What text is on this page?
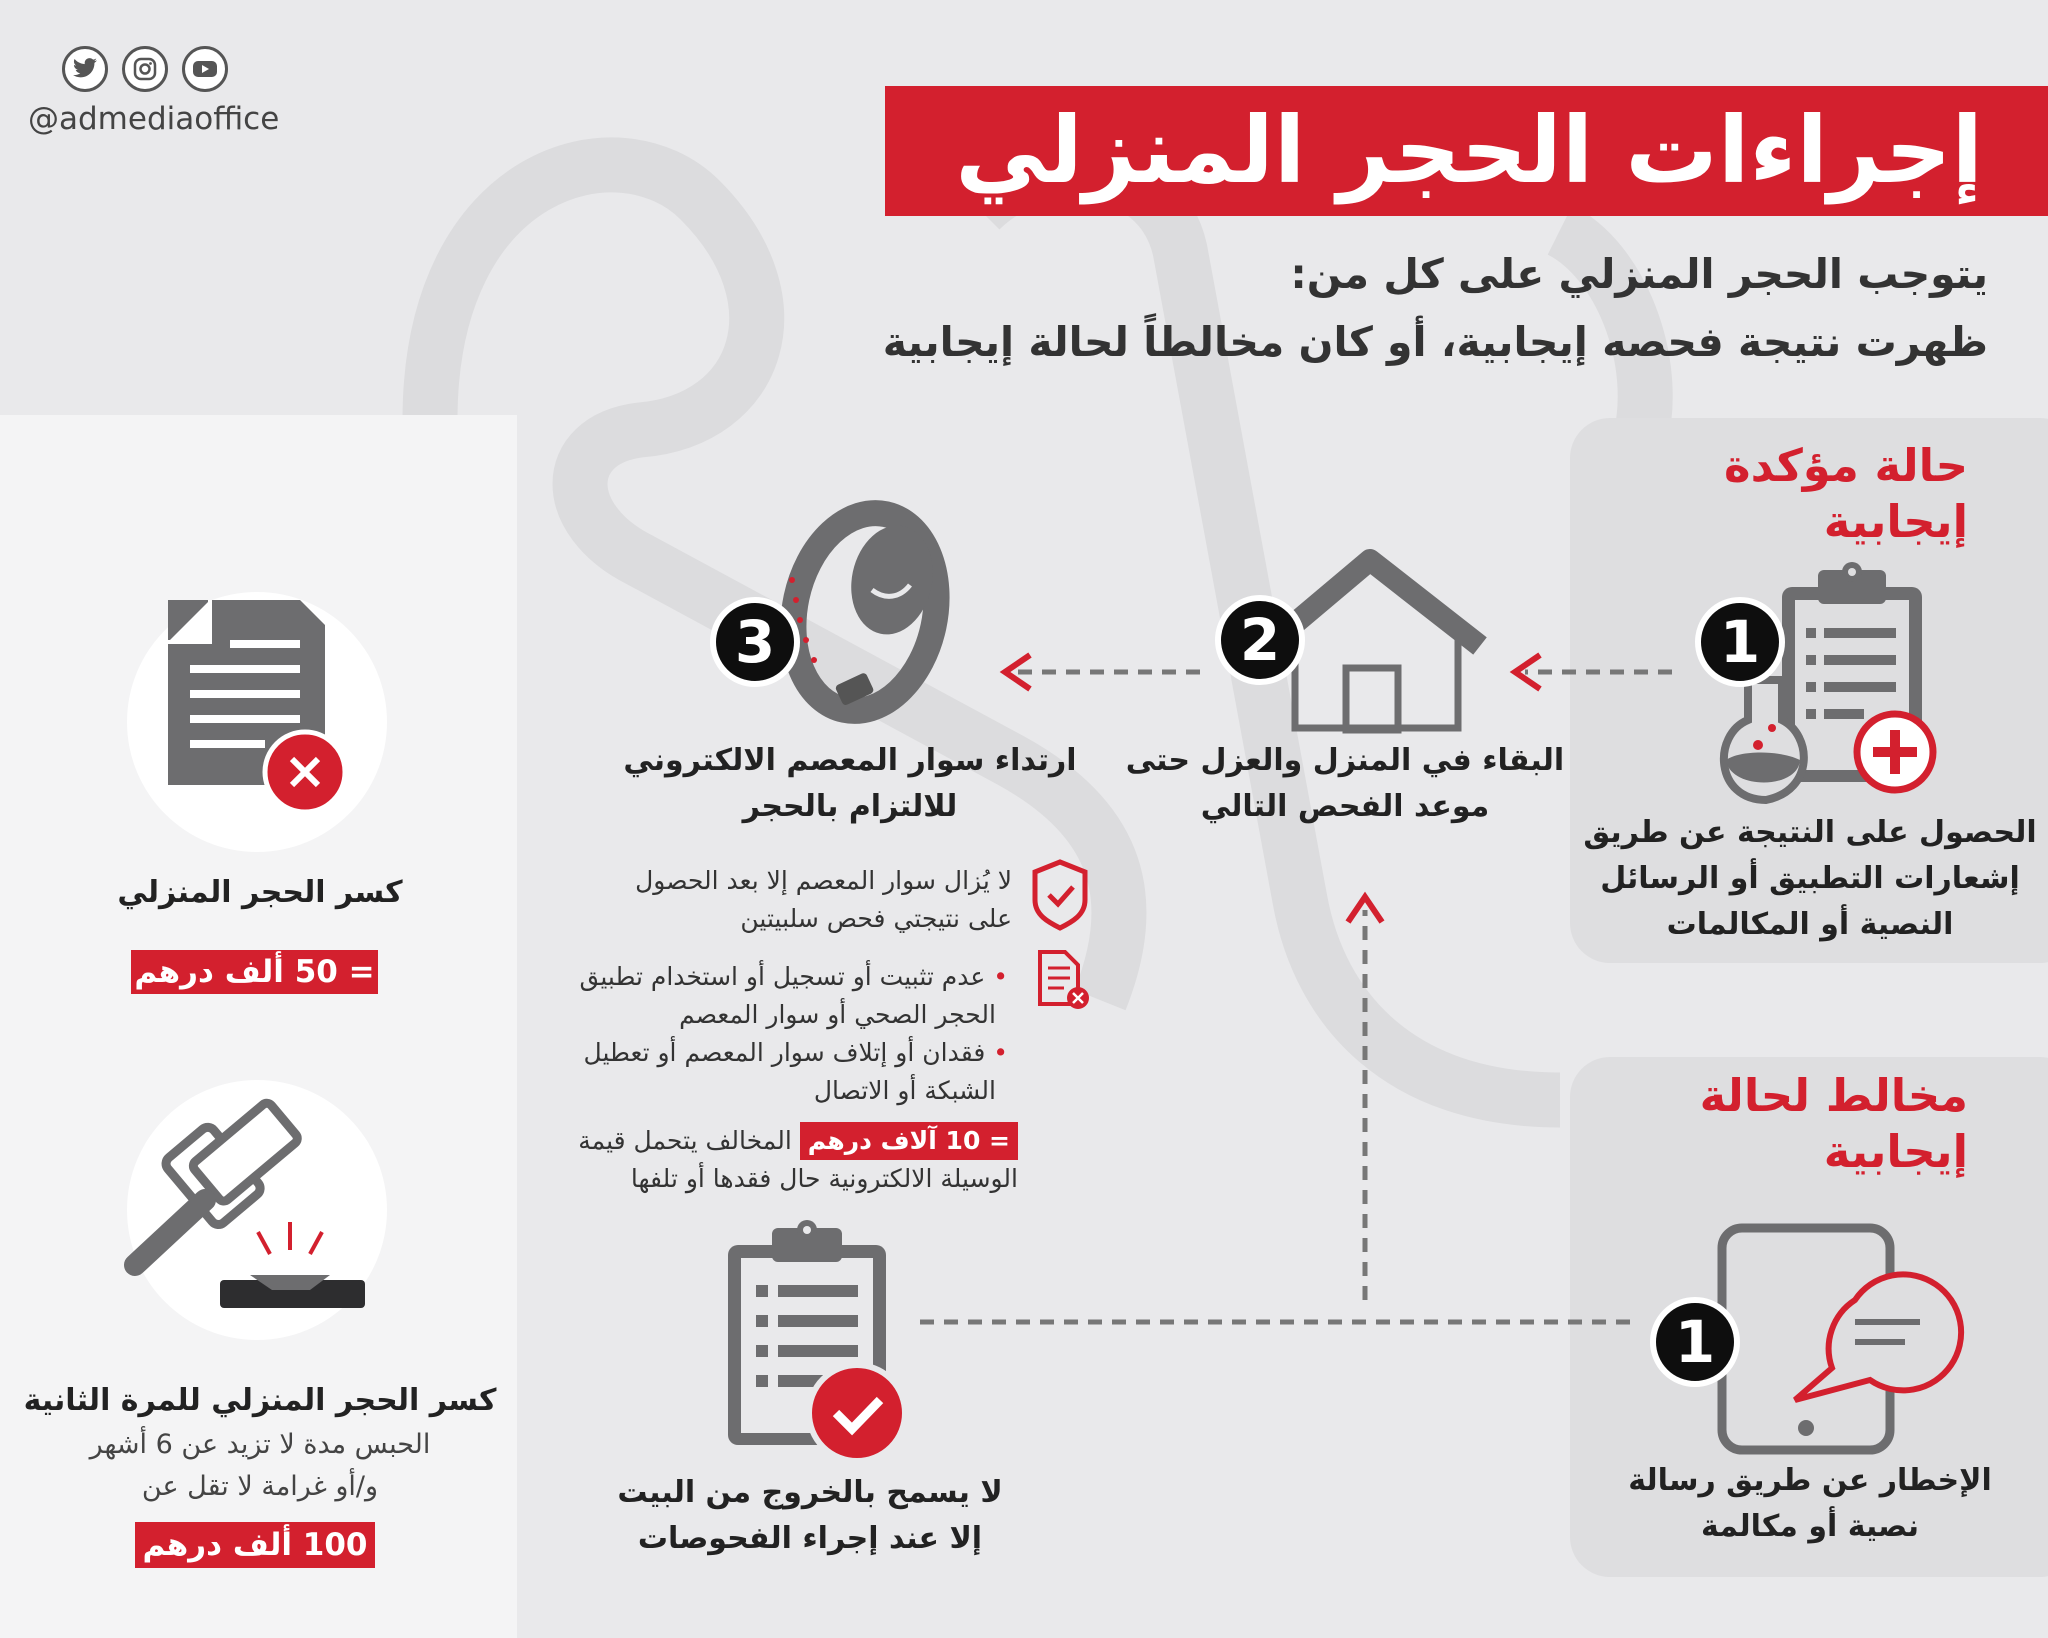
@admediaoffice	إجراءات الحجر المنزلي
يتوجب الحجر المنزلي على كل من:
ظهرت نتيجة فحصه إيجابية، أو كان مخالطاً لحالة إيجابية
حالة مؤكدة
إيجابية
مخالط لحالة
إيجابية
1
2
3
1
الحصول على النتيجة عن طريق
إشعارات التطبيق أو الرسائل
النصية أو المكالمات
البقاء في المنزل والعزل حتى
موعد الفحص التالي
ارتداء سوار المعصم الالكتروني
للالتزام بالحجر
لا يُزال سوار المعصم إلا بعد الحصول
على نتيجتي فحص سلبيتين
• عدم تثبيت أو تسجيل أو استخدام تطبيق
الحجر الصحي أو سوار المعصم
• فقدان أو إتلاف سوار المعصم أو تعطيل
الشبكة أو الاتصال
= 10 آلاف درهم المخالف يتحمل قيمة
الوسيلة الالكترونية حال فقدها أو تلفها
لا يسمح بالخروج من البيت
إلا عند إجراء الفحوصات
الإخطار عن طريق رسالة
نصية أو مكالمة
كسر الحجر المنزلي
= 50 ألف درهم
كسر الحجر المنزلي للمرة الثانية
الحبس مدة لا تزيد عن 6 أشهر
و/أو غرامة لا تقل عن
100 ألف درهم
